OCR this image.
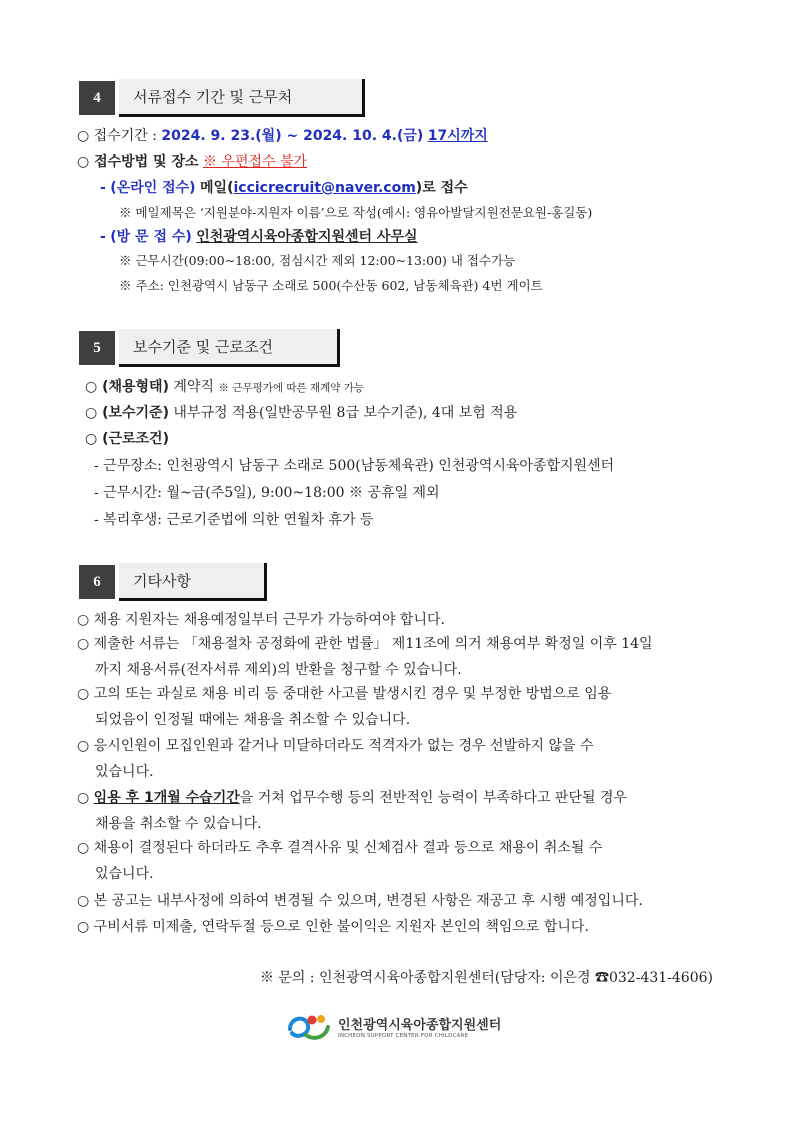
4	서류접수 기간 및 근무처
○ 접수기간 : 2024. 9. 23.(월) ~ 2024. 10. 4.(금) 17시까지
○ 접수방법 및 장소 ※ 우편접수 불가
- (온라인 접수) 메일(iccicrecruit@naver.com)로 접수
※ 메일제목은 ‘지원분야-지원자 이름’으로 작성(예시: 영유아발달지원전문요원-홍길동)
- (방 문 접 수) 인천광역시육아종합지원센터 사무실
※ 근무시간(09:00~18:00, 점심시간 제외 12:00~13:00) 내 접수가능
※ 주소: 인천광역시 남동구 소래로 500(수산동 602, 남동체육관) 4번 게이트
5	보수기준 및 근로조건
○ (채용형태) 계약직 ※ 근무평가에 따른 재계약 가능
○ (보수기준) 내부규정 적용(일반공무원 8급 보수기준), 4대 보험 적용
○ (근로조건)
- 근무장소: 인천광역시 남동구 소래로 500(남동체육관) 인천광역시육아종합지원센터
- 근무시간: 월~금(주5일), 9:00~18:00 ※ 공휴일 제외
- 복리후생: 근로기준법에 의한 연월차 휴가 등
6	기타사항
○ 채용 지원자는 채용예정일부터 근무가 가능하여야 합니다.
○ 제출한 서류는 「채용절차 공정화에 관한 법률」 제11조에 의거 채용여부 확정일 이후 14일
까지 채용서류(전자서류 제외)의 반환을 청구할 수 있습니다.
○ 고의 또는 과실로 채용 비리 등 중대한 사고를 발생시킨 경우 및 부정한 방법으로 임용
되었음이 인정될 때에는 채용을 취소할 수 있습니다.
○ 응시인원이 모집인원과 같거나 미달하더라도 적격자가 없는 경우 선발하지 않을 수
있습니다.
○ 임용 후 1개월 수습기간을 거쳐 업무수행 등의 전반적인 능력이 부족하다고 판단될 경우
채용을 취소할 수 있습니다.
○ 채용이 결정된다 하더라도 추후 결격사유 및 신체검사 결과 등으로 채용이 취소될 수
있습니다.
○ 본 공고는 내부사정에 의하여 변경될 수 있으며, 변경된 사항은 재공고 후 시행 예정입니다.
○ 구비서류 미제출, 연락두절 등으로 인한 불이익은 지원자 본인의 책임으로 합니다.
※ 문의 : 인천광역시육아종합지원센터(담당자: 이은경 ☎032-431-4606)
인천광역시육아종합지원센터
INCHEON SUPPORT CENTER FOR CHILDCARE
